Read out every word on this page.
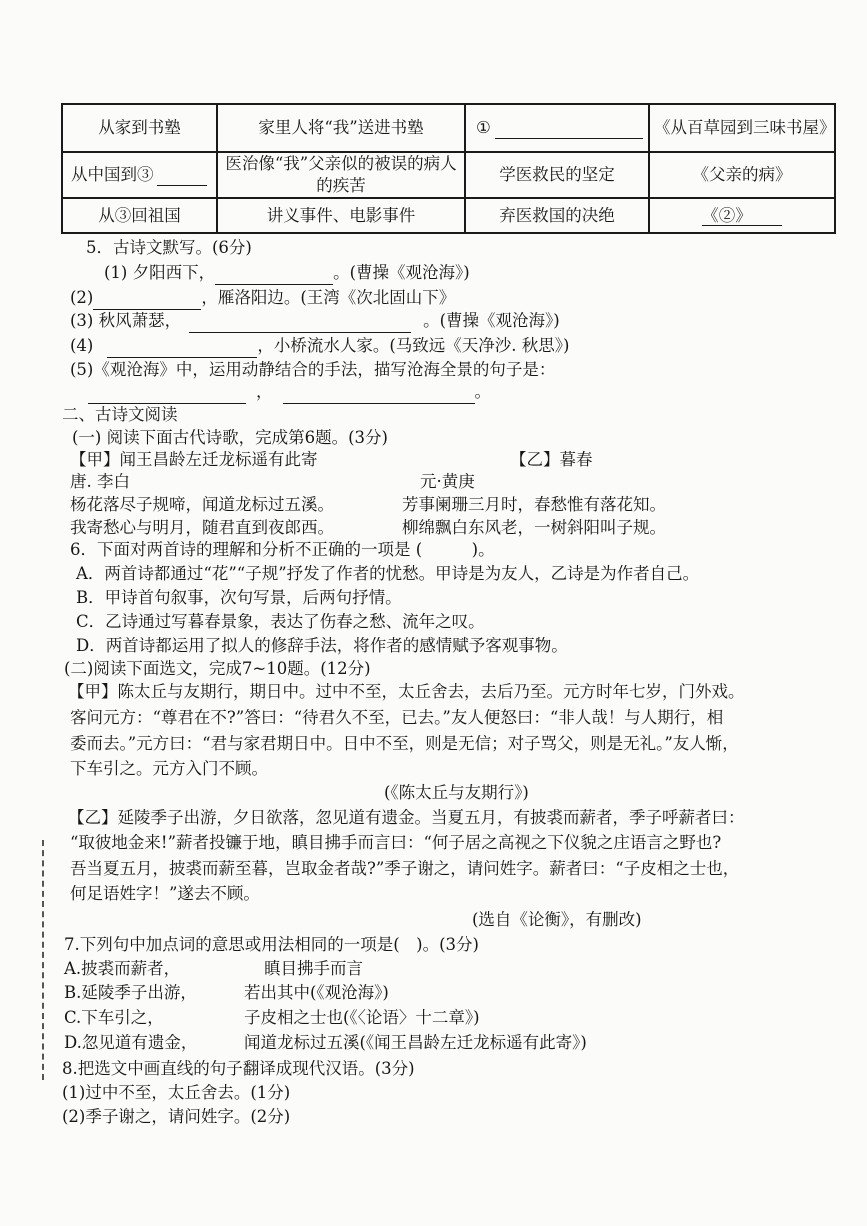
从家到书塾	家里人将“我”送进书塾	①	《从百草园到三味书屋》
从中国到③	医治像“我”父亲似的被误的病人的疾苦	学医救民的坚定	《父亲的病》
从③回祖国	讲义事件、电影事件	弃医救国的决绝	《②》
5．古诗文默写。(6分)
(1) 夕阳西下，	。(曹操《观沧海》)
(2)	，雁洛阳边。(王湾《次北固山下》
(3) 秋风萧瑟，	。(曹操《观沧海》)
(4)	，小桥流水人家。(马致远《天净沙. 秋思》)
(5)《观沧海》中，运用动静结合的手法，描写沧海全景的句子是：
，	。
二、古诗文阅读
(一) 阅读下面古代诗歌，完成第6题。(3分)
【甲】闻王昌龄左迁龙标遥有此寄	【乙】暮春
唐. 李白	元·黄庚
杨花落尽子规啼，闻道龙标过五溪。	芳事阑珊三月时，春愁惟有落花知。
我寄愁心与明月，随君直到夜郎西。	柳绵飘白东风老，一树斜阳叫子规。
6．下面对两首诗的理解和分析不正确的一项是 (　　　)。
A．两首诗都通过“花”“子规”抒发了作者的忧愁。甲诗是为友人，乙诗是为作者自己。
B．甲诗首句叙事，次句写景，后两句抒情。
C．乙诗通过写暮春景象，表达了伤春之愁、流年之叹。
D．两首诗都运用了拟人的修辞手法，将作者的感情赋予客观事物。
(二)阅读下面选文，完成7~10题。(12分)
【甲】陈太丘与友期行，期日中。过中不至，太丘舍去，去后乃至。元方时年七岁，门外戏。
客问元方：“尊君在不?”答曰：“待君久不至，已去。”友人便怒曰：“非人哉！与人期行，相
委而去。”元方曰：“君与家君期日中。日中不至，则是无信；对子骂父，则是无礼。”友人惭，
下车引之。元方入门不顾。
(《陈太丘与友期行》)
【乙】延陵季子出游，夕日欲落，忽见道有遗金。当夏五月，有披裘而薪者，季子呼薪者曰：
“取彼地金来!”薪者投镰于地，瞋目拂手而言曰：“何子居之高视之下仪貌之庄语言之野也?
吾当夏五月，披裘而薪至暮，岂取金者哉?”季子谢之，请问姓字。薪者曰：“子皮相之士也，
何足语姓字！”遂去不顾。
(选自《论衡》，有删改)
7.下列句中加点词的意思或用法相同的一项是(　)。(3分)
A.披裘而薪者，	瞋目拂手而言
B.延陵季子出游，	若出其中(《观沧海》)
C.下车引之，	子皮相之士也(《〈论语〉十二章》)
D.忽见道有遗金，	闻道龙标过五溪(《闻王昌龄左迁龙标遥有此寄》)
8.把选文中画直线的句子翻译成现代汉语。(3分)
(1)过中不至，太丘舍去。(1分)
(2)季子谢之，请问姓字。(2分)
